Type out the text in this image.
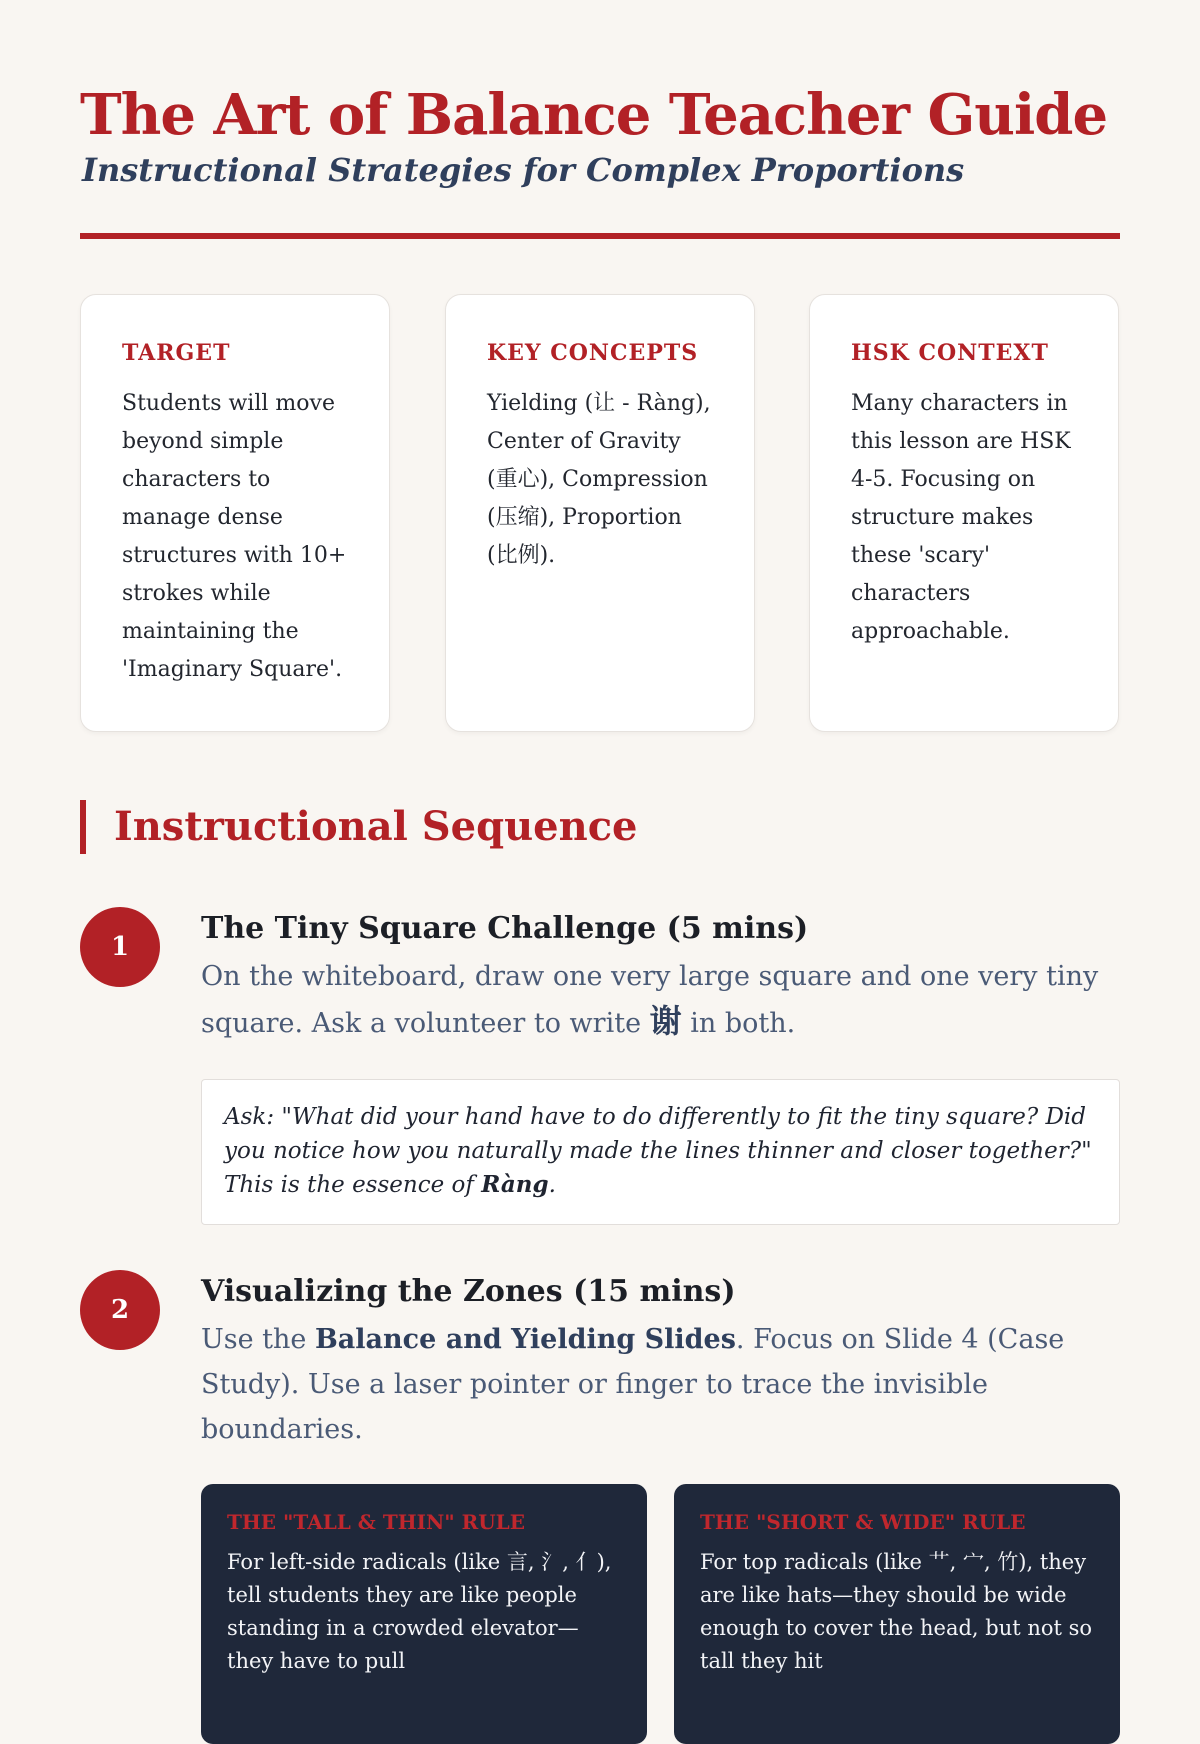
The Art of Balance Teacher Guide
Instructional Strategies for Complex Proportions
TARGET

Students will move beyond simple characters to manage dense structures with 10+ strokes while maintaining the 'Imaginary Square'.

KEY CONCEPTS

Yielding (让 - Ràng), Center of Gravity (重心), Compression (压缩), Proportion (比例).

HSK CONTEXT

Many characters in this lesson are HSK 4-5. Focusing on structure makes these 'scary' characters approachable.

Instructional Sequence
1
The Tiny Square Challenge (5 mins)

On the whiteboard, draw one very large square and one very tiny square. Ask a volunteer to write 谢 in both.

Ask: "What did your hand have to do differently to fit the tiny square? Did you notice how you naturally made the lines thinner and closer together?" This is the essence of Ràng.
2
Visualizing the Zones (15 mins)

Use the Balance and Yielding Slides. Focus on Slide 4 (Case Study). Use a laser pointer or finger to trace the invisible boundaries.

THE "TALL & THIN" RULE

For left-side radicals (like 言, 氵, 亻), tell students they are like people standing in a crowded elevator—they have to pull

THE "SHORT & WIDE" RULE

For top radicals (like 艹, 宀, 竹), they are like hats—they should be wide enough to cover the head, but not so tall they hit
